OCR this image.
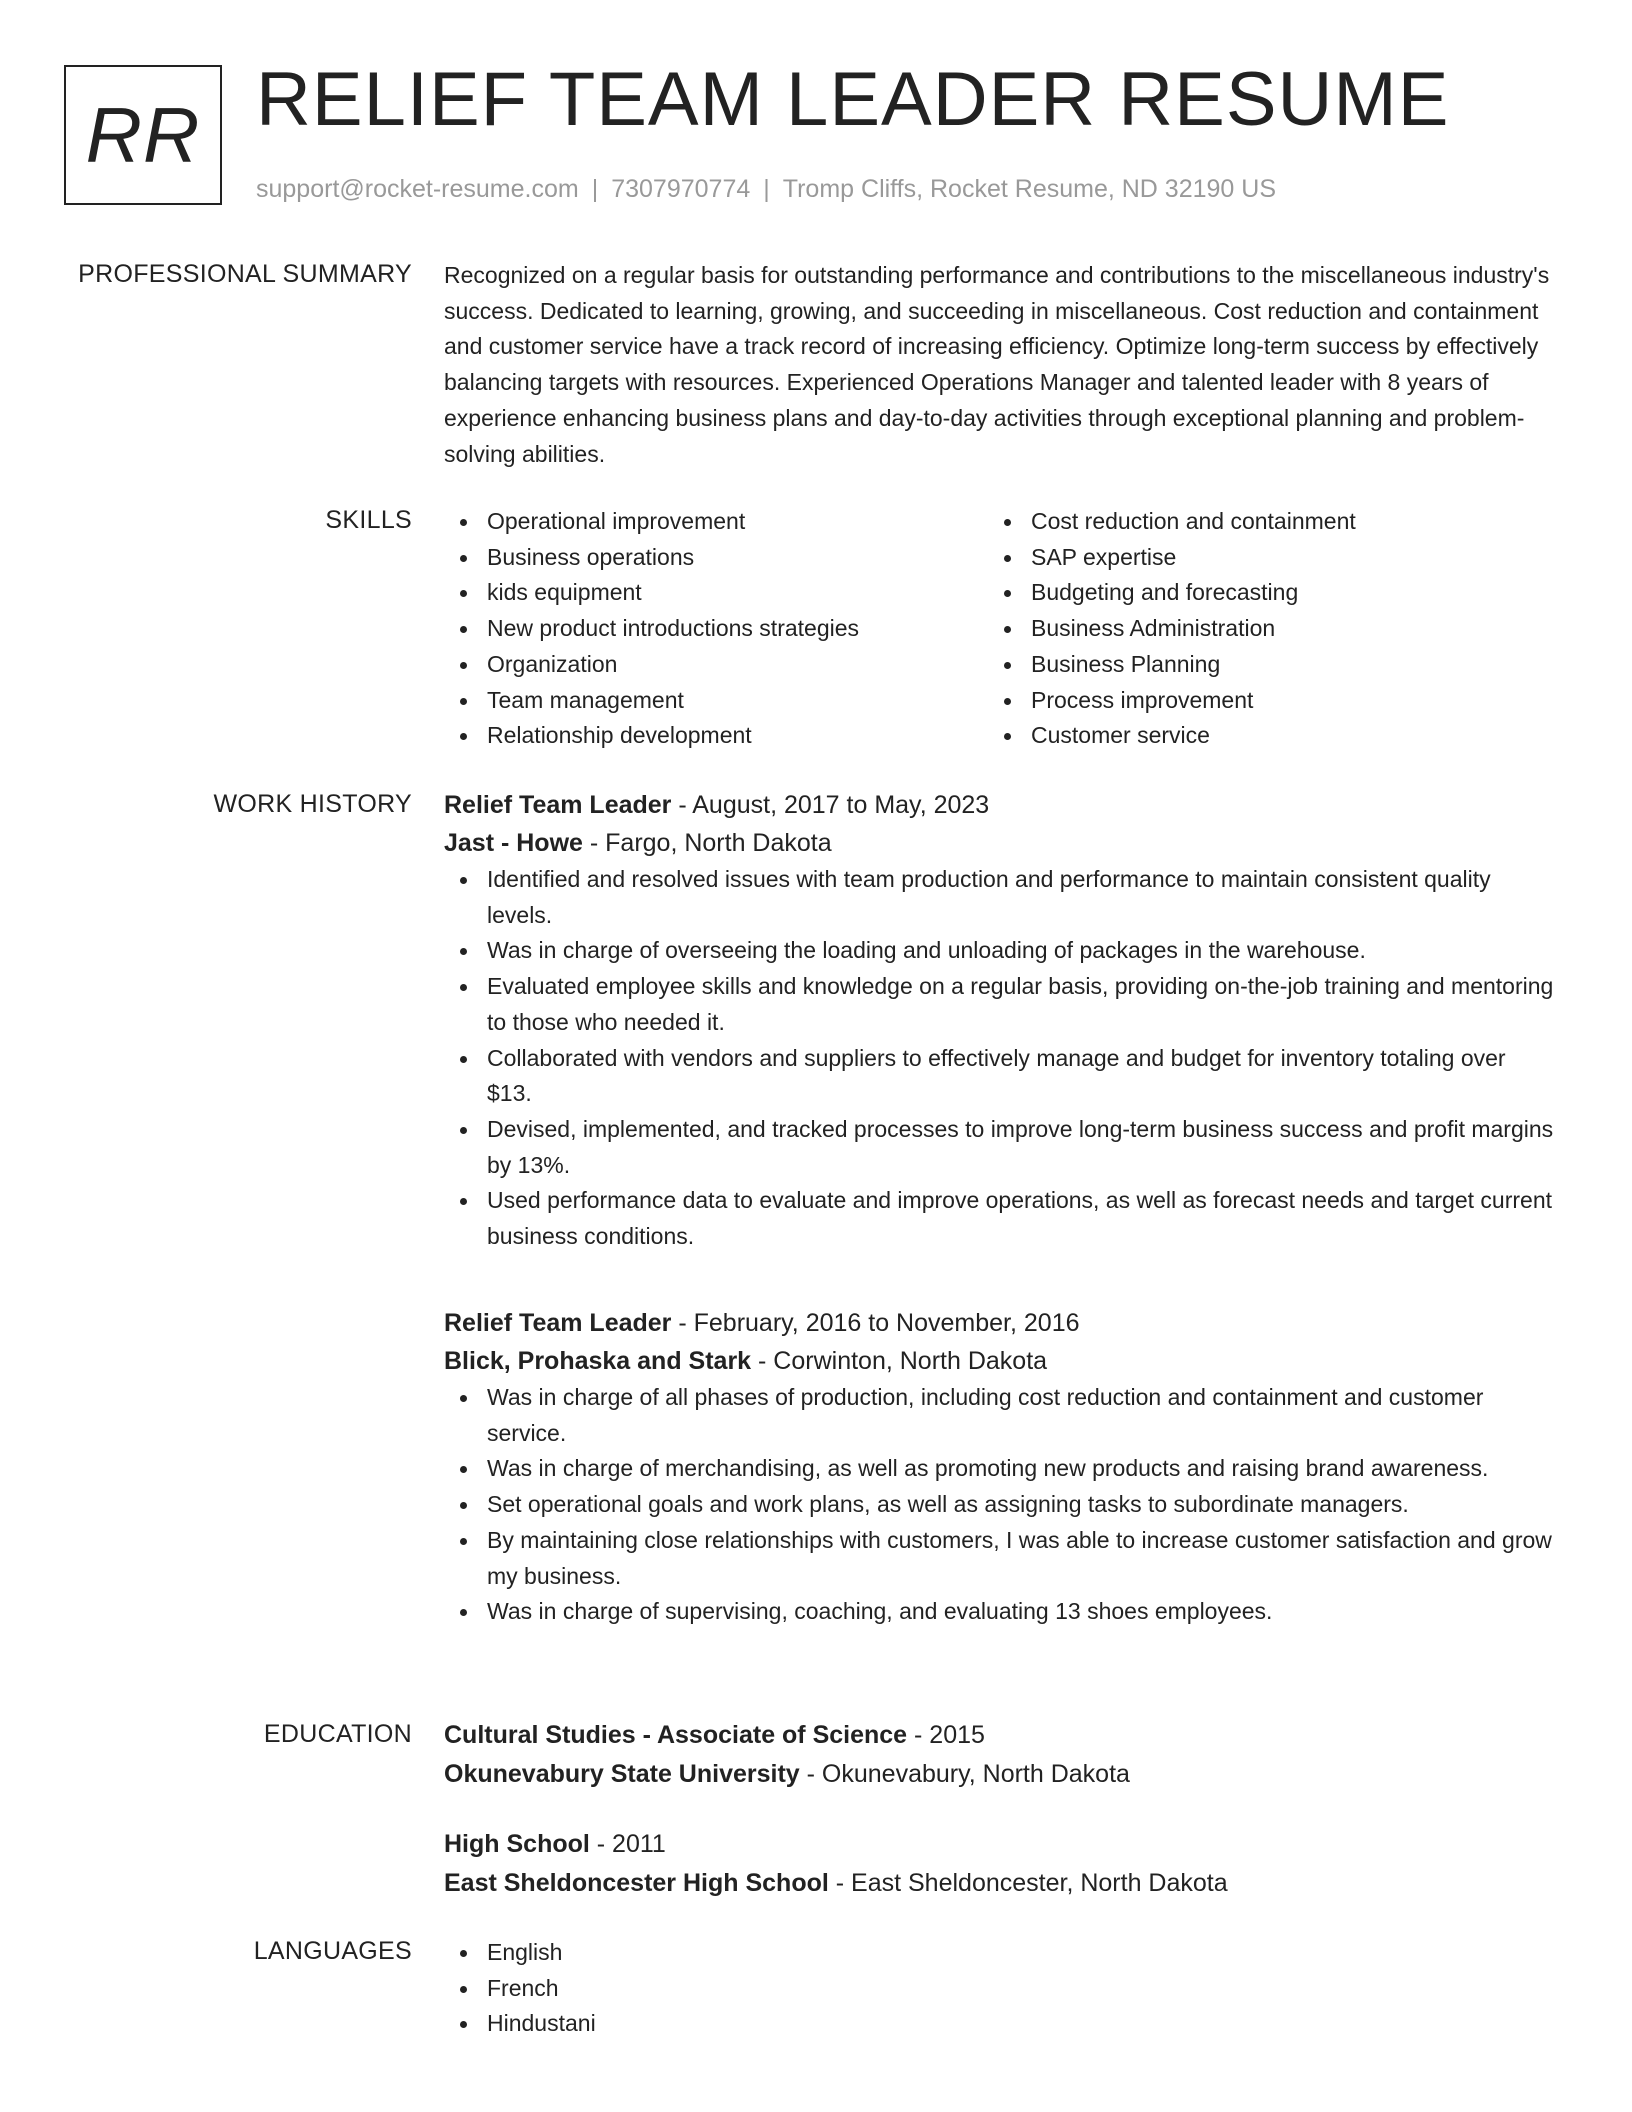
RR RELIEF TEAM LEADER RESUME
support@rocket-resume.com | 7307970774 | Tromp Cliffs, Rocket Resume, ND 32190 US
PROFESSIONAL SUMMARY Recognized on a regular basis for outstanding performance and contributions to the miscellaneous industry's success. Dedicated to learning, growing, and succeeding in miscellaneous. Cost reduction and containment and customer service have a track record of increasing efficiency. Optimize long-term success by effectively balancing targets with resources. Experienced Operations Manager and talented leader with 8 years of experience enhancing business plans and day-to-day activities through exceptional planning and problem-solving abilities.

SKILLS	Operational improvement
Business operations
kids equipment
New product introductions strategies
Organization
Team management
Relationship development
Cost reduction and containment
SAP expertise
Budgeting and forecasting
Business Administration
Business Planning
Process improvement
Customer service
WORK HISTORY Relief Team Leader - August, 2017 to May, 2023
Jast - Howe - Fargo, North Dakota
Identified and resolved issues with team production and performance to maintain consistent quality levels.
Was in charge of overseeing the loading and unloading of packages in the warehouse.
Evaluated employee skills and knowledge on a regular basis, providing on-the-job training and mentoring to those who needed it.
Collaborated with vendors and suppliers to effectively manage and budget for inventory totaling over $13.
Devised, implemented, and tracked processes to improve long-term business success and profit margins by 13%.
Used performance data to evaluate and improve operations, as well as forecast needs and target current business conditions.
Relief Team Leader - February, 2016 to November, 2016
Blick, Prohaska and Stark - Corwinton, North Dakota
Was in charge of all phases of production, including cost reduction and containment and customer service.
Was in charge of merchandising, as well as promoting new products and raising brand awareness.
Set operational goals and work plans, as well as assigning tasks to subordinate managers.
By maintaining close relationships with customers, I was able to increase customer satisfaction and grow my business.
Was in charge of supervising, coaching, and evaluating 13 shoes employees.
EDUCATION Cultural Studies - Associate of Science - 2015
Okunevabury State University - Okunevabury, North Dakota
High School - 2011
East Sheldoncester High School - East Sheldoncester, North Dakota
LANGUAGES	English
French
Hindustani
